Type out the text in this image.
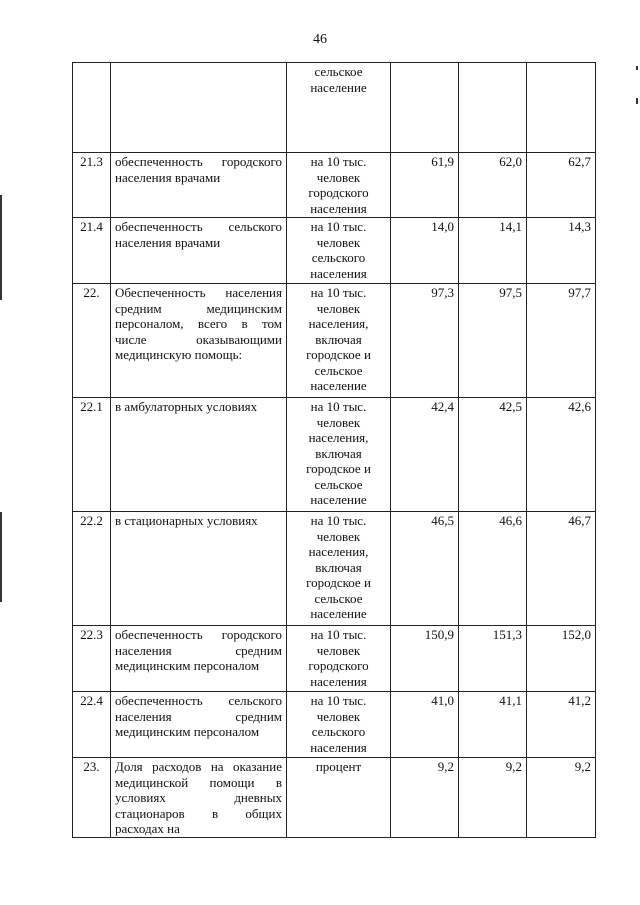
46
		сельское население			
21.3	обеспеченность городского населения врачами	на 10 тыс. человек городского населения	61,9	62,0	62,7
21.4	обеспеченность сельского населения врачами	на 10 тыс. человек сельского населения	14,0	14,1	14,3
22.	Обеспеченность населения средним медицинским персоналом, всего в том числе оказывающими медицинскую помощь:	на 10 тыс. человек населения, включая городское и сельское население	97,3	97,5	97,7
22.1	в амбулаторных условиях	на 10 тыс. человек населения, включая городское и сельское население	42,4	42,5	42,6
22.2	в стационарных условиях	на 10 тыс. человек населения, включая городское и сельское население	46,5	46,6	46,7
22.3	обеспеченность городского населения средним медицинским персоналом	на 10 тыс. человек городского населения	150,9	151,3	152,0
22.4	обеспеченность сельского населения средним медицинским персоналом	на 10 тыс. человек сельского населения	41,0	41,1	41,2
23.	Доля расходов на оказание медицинской помощи в условиях дневных стационаров в общих расходах на	процент	9,2	9,2	9,2
